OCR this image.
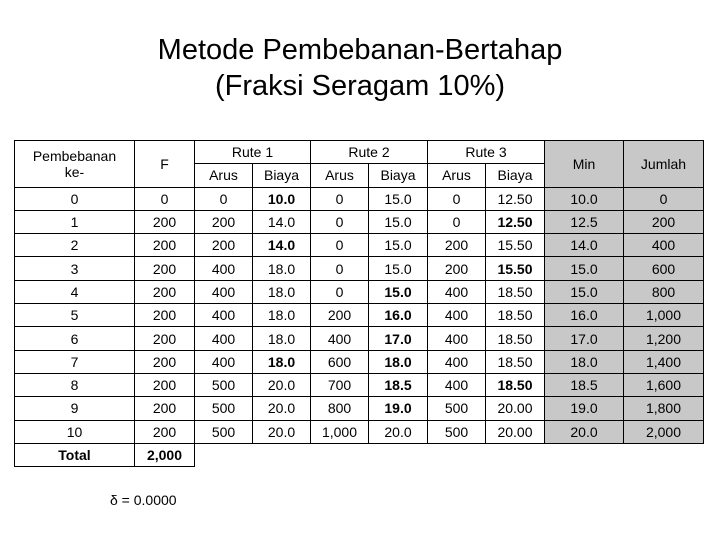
Metode Pembebanan-Bertahap
(Fraksi Seragam 10%)
Pembebanan
ke-	F	Rute 1		Rute 2		Rute 3		Min	Jumlah
		Arus	Biaya	Arus	Biaya	Arus	Biaya		
0	0	0	10.0	0	15.0	0	12.50	10.0	0
1	200	200	14.0	0	15.0	0	12.50	12.5	200
2	200	200	14.0	0	15.0	200	15.50	14.0	400
3	200	400	18.0	0	15.0	200	15.50	15.0	600
4	200	400	18.0	0	15.0	400	18.50	15.0	800
5	200	400	18.0	200	16.0	400	18.50	16.0	1,000
6	200	400	18.0	400	17.0	400	18.50	17.0	1,200
7	200	400	18.0	600	18.0	400	18.50	18.0	1,400
8	200	500	20.0	700	18.5	400	18.50	18.5	1,600
9	200	500	20.0	800	19.0	500	20.00	19.0	1,800
10	200	500	20.0	1,000	20.0	500	20.00	20.0	2,000
Total	2,000								
δ = 0.0000
